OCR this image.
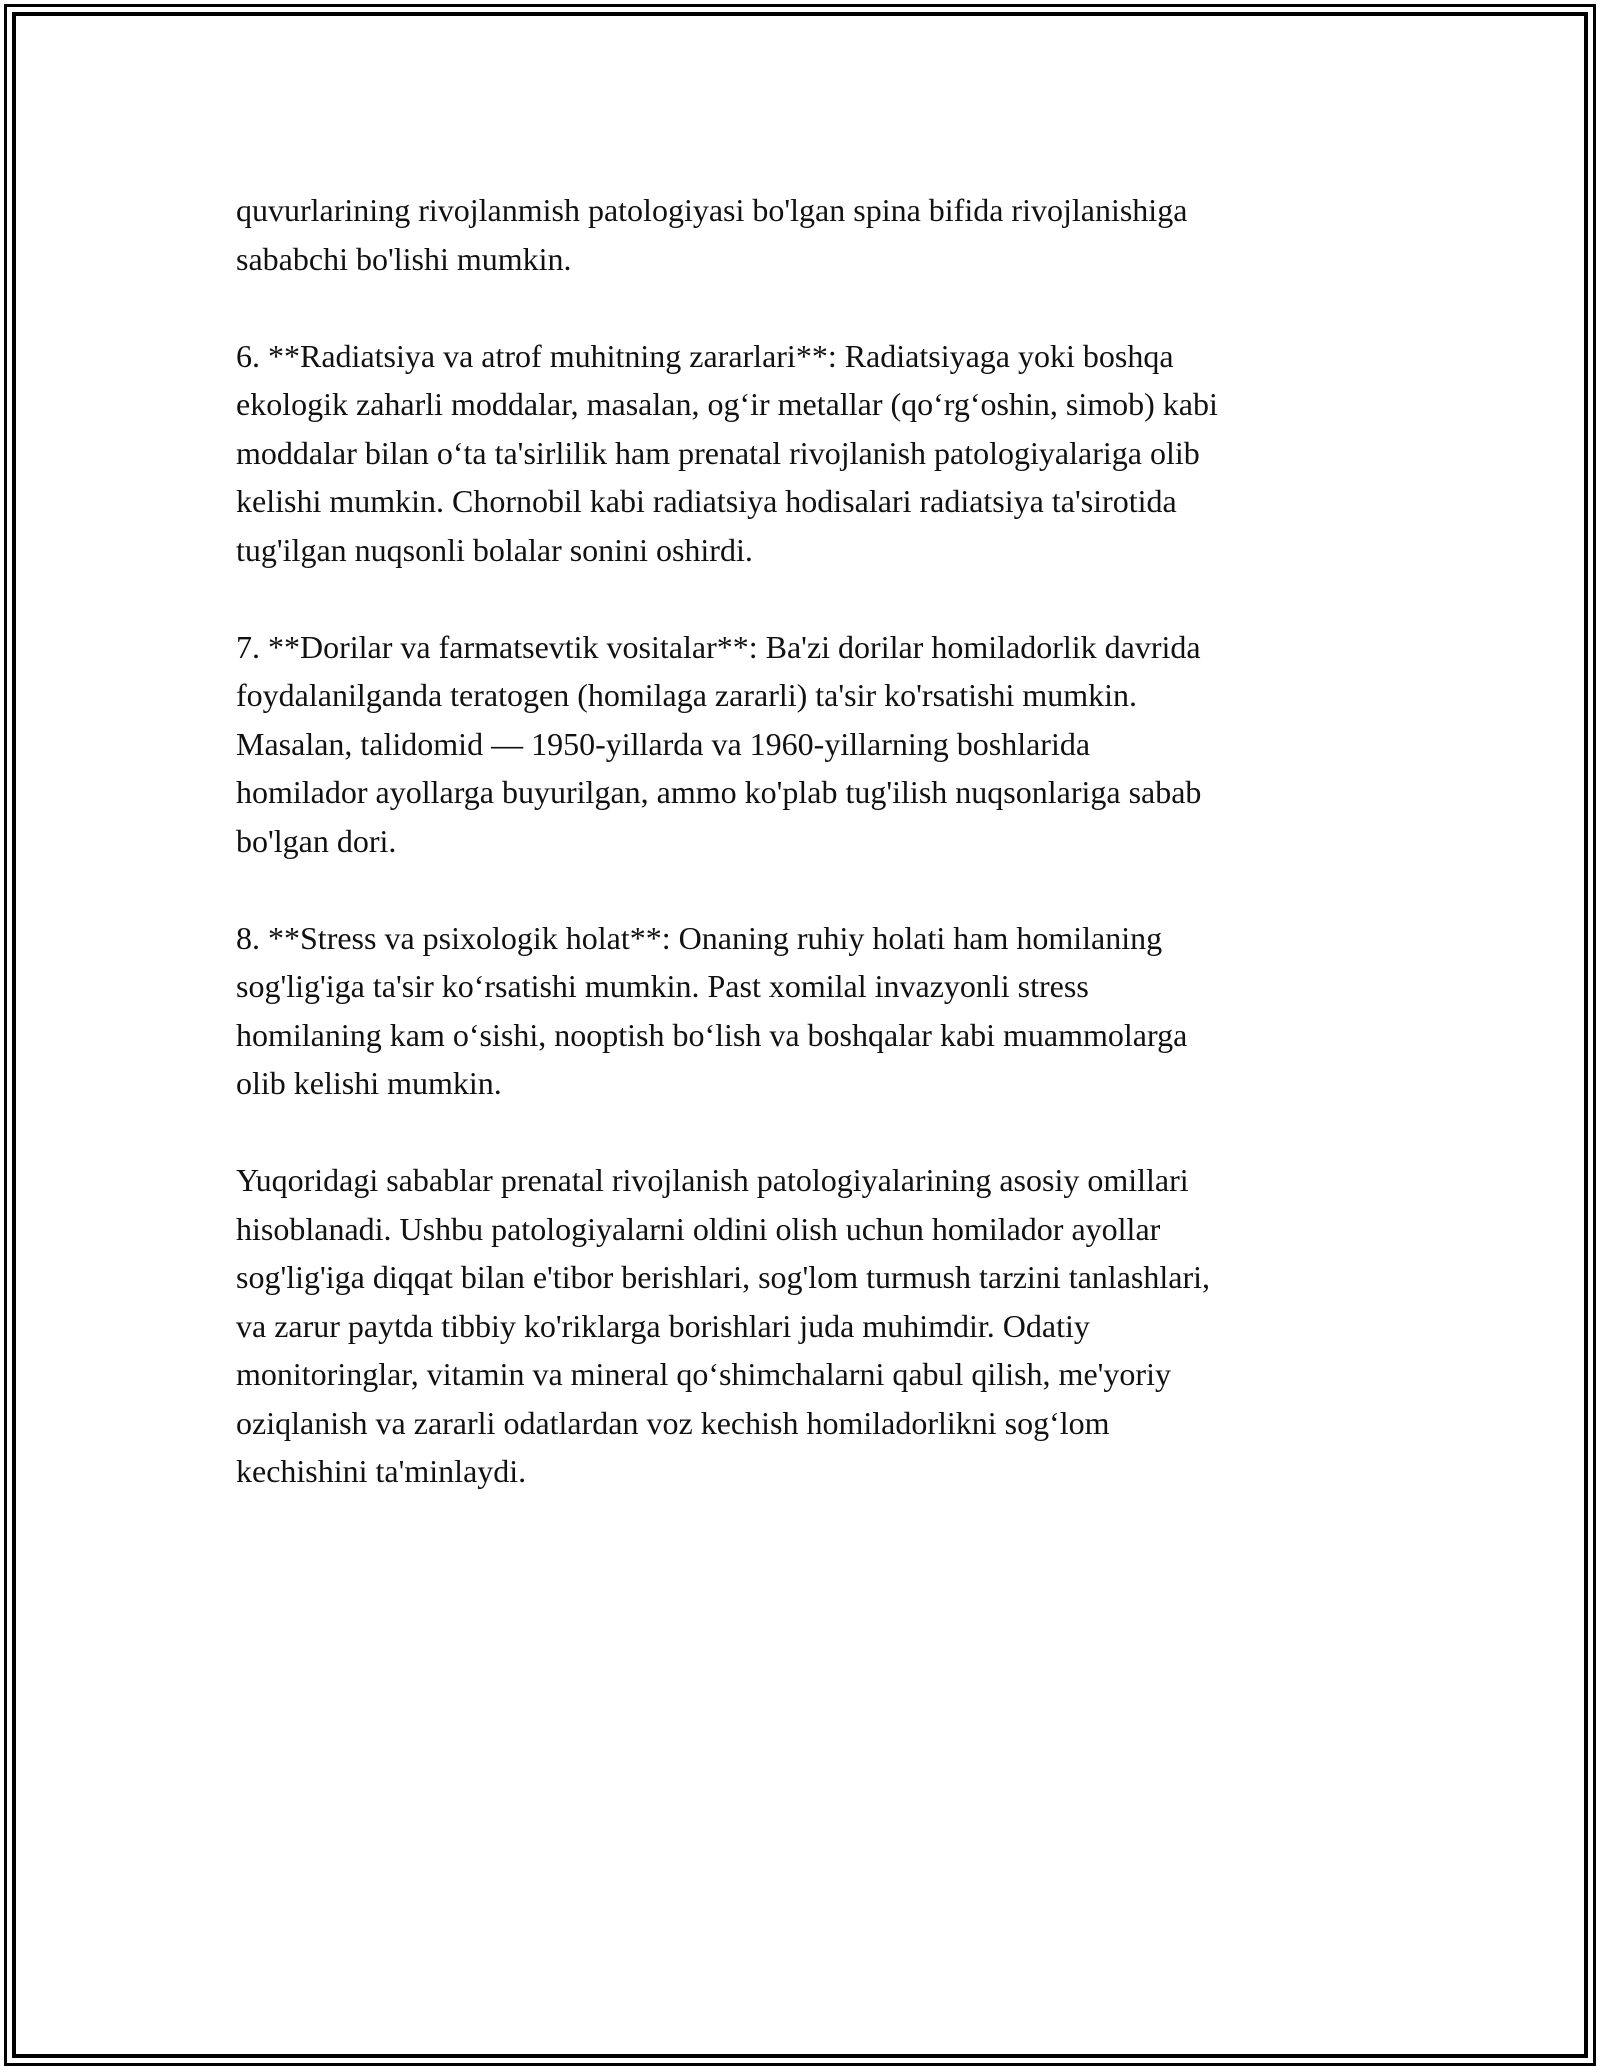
quvurlarining rivojlanmish patologiyasi bo'lgan spina bifida rivojlanishiga
sababchi bo'lishi mumkin.

6. **Radiatsiya va atrof muhitning zararlari**: Radiatsiyaga yoki boshqa
ekologik zaharli moddalar, masalan, og‘ir metallar (qo‘rg‘oshin, simob) kabi
moddalar bilan o‘ta ta'sirlilik ham prenatal rivojlanish patologiyalariga olib
kelishi mumkin. Chornobil kabi radiatsiya hodisalari radiatsiya ta'sirotida
tug'ilgan nuqsonli bolalar sonini oshirdi.

7. **Dorilar va farmatsevtik vositalar**: Ba'zi dorilar homiladorlik davrida
foydalanilganda teratogen (homilaga zararli) ta'sir ko'rsatishi mumkin.
Masalan, talidomid — 1950-yillarda va 1960-yillarning boshlarida
homilador ayollarga buyurilgan, ammo ko'plab tug'ilish nuqsonlariga sabab
bo'lgan dori.

8. **Stress va psixologik holat**: Onaning ruhiy holati ham homilaning
sog'lig'iga ta'sir ko‘rsatishi mumkin. Past xomilal invazyonli stress
homilaning kam o‘sishi, nooptish bo‘lish va boshqalar kabi muammolarga
olib kelishi mumkin.

Yuqoridagi sabablar prenatal rivojlanish patologiyalarining asosiy omillari
hisoblanadi. Ushbu patologiyalarni oldini olish uchun homilador ayollar
sog'lig'iga diqqat bilan e'tibor berishlari, sog'lom turmush tarzini tanlashlari,
va zarur paytda tibbiy ko'riklarga borishlari juda muhimdir. Odatiy
monitoringlar, vitamin va mineral qo‘shimchalarni qabul qilish, me'yoriy
oziqlanish va zararli odatlardan voz kechish homiladorlikni sog‘lom
kechishini ta'minlaydi.
